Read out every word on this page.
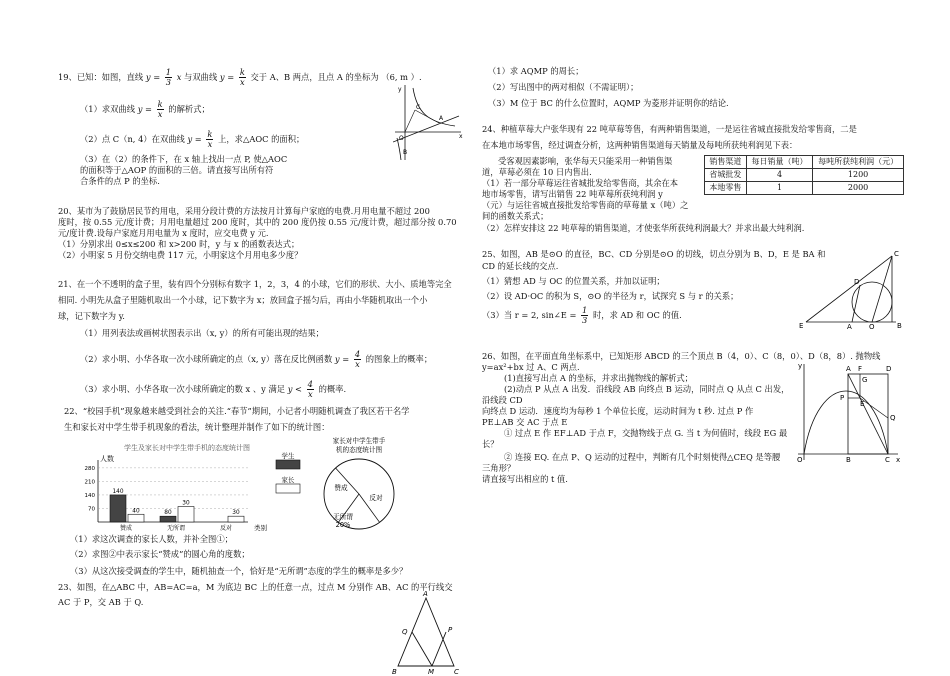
19、已知：如图，直线 $y = \frac{1}{3}$ x 与双曲线 $y = \frac{k}{x}$ 交于 A、B 两点，且点 A 的坐标为 （6, m ）.
（1）求双曲线 $y = \frac{k}{x}$ 的解析式；
（2）点 C（n, 4）在双曲线 $y = \frac{k}{x}$ 上，求△AOC 的面积；
（3）在（2）的条件下，在 x 轴上找出一点 P, 使△AOC
的面积等于△AOP 的面积的三倍。请直接写出所有符
合条件的点 P 的坐标.
y
C
A
O
B
x
20、某市为了鼓励居民节约用电，采用分段计费的方法按月计算每户家庭的电费.月用电量不超过 200
度时，按 0.55 元/度计费；月用电量超过 200 度时，其中的 200 度仍按 0.55 元/度计费，超过部分按 0.70
元/度计费.设每户家庭月用电量为 x 度时，应交电费 y 元.
（1）分别求出 0≤x≤200 和 x>200 时，y 与 x 的函数表达式；
（2）小明家 5 月份交纳电费 117 元，小明家这个月用电多少度？
21、在一个不透明的盒子里，装有四个分别标有数字 1，2，3，4 的小球，它们的形状、大小、质地等完全
相同. 小明先从盒子里随机取出一个小球，记下数字为 x；放回盒子摇匀后，再由小华随机取出一个小
球，记下数字为 y.
（1）用列表法或画树状图表示出（x, y）的所有可能出现的结果；
（2）求小明、小华各取一次小球所确定的点（x, y）落在反比例函数 $y = \frac{4}{x}$ 的图象上的概率；
（3）求小明、小华各取一次小球所确定的数 x 、y 满足 $y < \frac{4}{x}$ 的概率.
22、“校园手机”现象越来越受到社会的关注.“春节”期间，小记者小明随机调查了我区若干名学
生和家长对中学生带手机现象的看法，统计整理并制作了如下的统计图：
学生及家长对中学生带手机的态度统计图
人数
类别
70
140
210
280
140
40
赞成
80
30
无所谓
30
反对
学生
家长
家长对中学生带手
机的态度统计图
赞成
反对
无所谓
20%
（1）求这次调查的家长人数，并补全图①；
（2）求图②中表示家长“赞成”的圆心角的度数；
（3）从这次接受调查的学生中，随机抽查一个，恰好是“无所谓”态度的学生的概率是多少？
23、如图，在△ABC 中，AB=AC=a，M 为底边 BC 上的任意一点，过点 M 分别作 AB、AC 的平行线交
AC 于 P，交 AB 于 Q.
A
Q	P
B	M	C
（1）求 AQMP 的周长；
（2）写出图中的两对相似（不需证明）；
（3）M 位于 BC 的什么位置时，AQMP 为菱形并证明你的结论.
24、种植草莓大户张华现有 22 吨草莓等售，有两种销售渠道，一是运往省城直接批发给零售商，二是
在本地市场零售，经过调查分析，这两种销售渠道每天销量及每吨所获纯利润见下表：
受客观因素影响，张华每天只能采用一种销售渠
道，草莓必须在 10 日内售出.
（1）若一部分草莓运往省城批发给零售商，其余在本
地市场零售，请写出销售 22 吨草莓所获纯利润 y
（元）与运往省城直接批发给零售商的草莓量 x（吨）之
间的函数关系式；
（2）怎样安排这 22 吨草莓的销售渠道，才使张华所获纯利润最大？并求出最大纯利润.
销售渠道	每日销量（吨）	每吨所获纯利润（元）
省城批发	4	1200
本地零售	1	2000
25、如图，AB 是⊙O 的直径，BC、CD 分别是⊙O 的切线，切点分别为 B、D，E 是 BA 和
CD 的延长线的交点.
（1）猜想 AD 与 OC 的位置关系，并加以证明；
（2）设 AD·OC 的积为 S，⊙O 的半径为 r，试探究 S 与 r 的关系；
（3）当 r = 2, sin∠E = $\frac{1}{3}$ 时，求 AD 和 OC 的值.
C
D
E	A O	B
26、如图，在平面直角坐标系中，已知矩形 ABCD 的三个顶点 B（4，0）、C（8，0）、D（8，8）. 抛物线
y=ax²+bx 过 A、C 两点.
(1)直接写出点 A 的坐标，并求出抛物线的解析式；
(2)动点 P 从点 A 出发．沿线段 AB 向终点 B 运动，同时点 Q 从点 C 出发，
沿线段 CD
向终点 D 运动．速度均为每秒 1 个单位长度，运动时间为 t 秒. 过点 P 作
PE⊥AB 交 AC 于点 E
① 过点 E 作 EF⊥AD 于点 F，交抛物线于点 G. 当 t 为何值时，线段 EG 最
长？
② 连接 EQ. 在点 P、Q 运动的过程中，判断有几个时刻使得△CEQ 是等腰
三角形？
请直接写出相应的 t 值.
y	A F	D
G
P
E
Q
O	B	C x
